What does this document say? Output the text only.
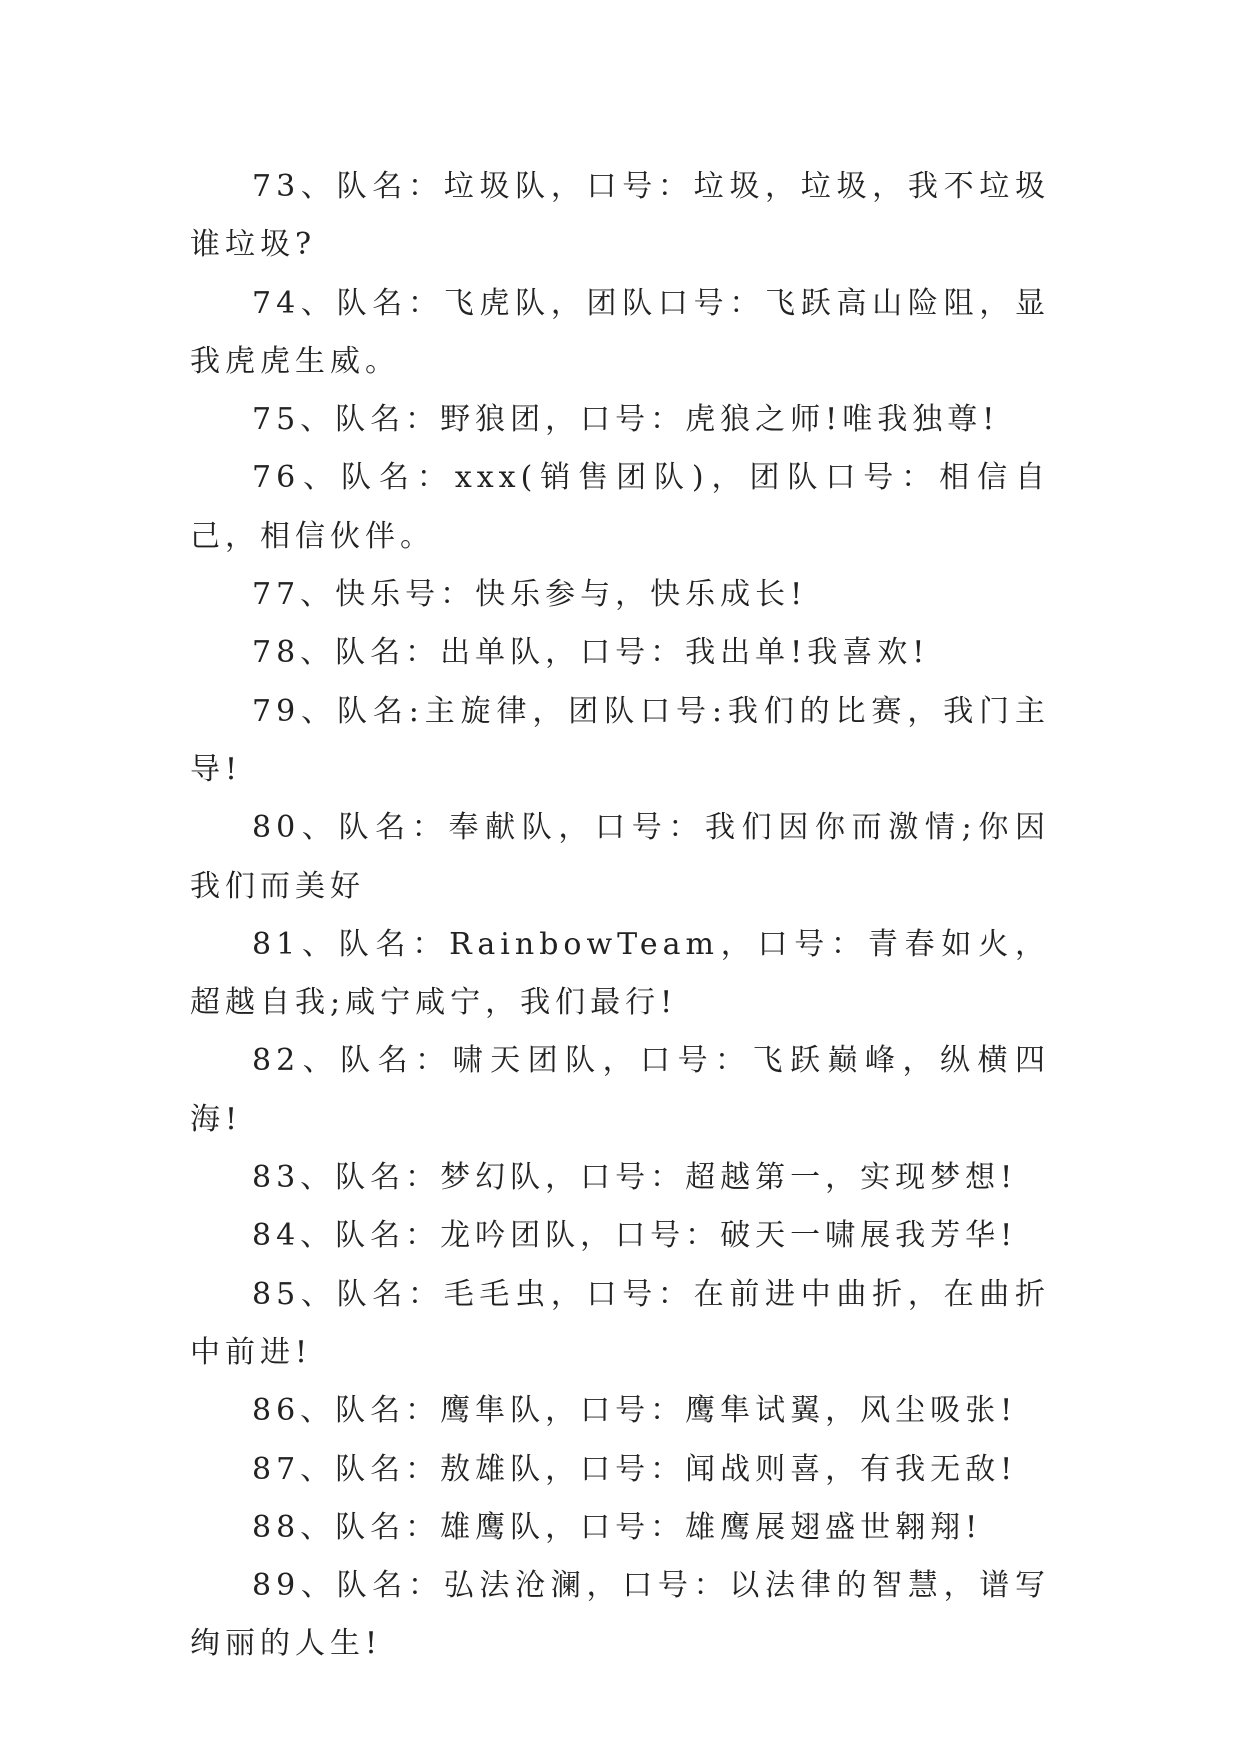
73、队名：垃圾队，口号：垃圾，垃圾，我不垃圾谁垃圾?

74、队名：飞虎队，团队口号：飞跃高山险阻，显我虎虎生威。

75、队名：野狼团，口号：虎狼之师!唯我独尊!

76、队名：xxx(销售团队)，团队口号：相信自己，相信伙伴。

77、快乐号：快乐参与，快乐成长!

78、队名：出单队，口号：我出单!我喜欢!

79、队名:主旋律，团队口号:我们的比赛，我门主导!

80、队名：奉献队，口号：我们因你而激情;你因我们而美好

81、队名：RainbowTeam，口号：青春如火，超越自我;咸宁咸宁，我们最行!

82、队名：啸天团队，口号：飞跃巅峰，纵横四海!

83、队名：梦幻队，口号：超越第一，实现梦想!

84、队名：龙吟团队，口号：破天一啸展我芳华!

85、队名：毛毛虫，口号：在前进中曲折，在曲折中前进!

86、队名：鹰隼队，口号：鹰隼试翼，风尘吸张!

87、队名：敖雄队，口号：闻战则喜，有我无敌!

88、队名：雄鹰队，口号：雄鹰展翅盛世翱翔!

89、队名：弘法沧澜，口号：以法律的智慧，谱写绚丽的人生!
